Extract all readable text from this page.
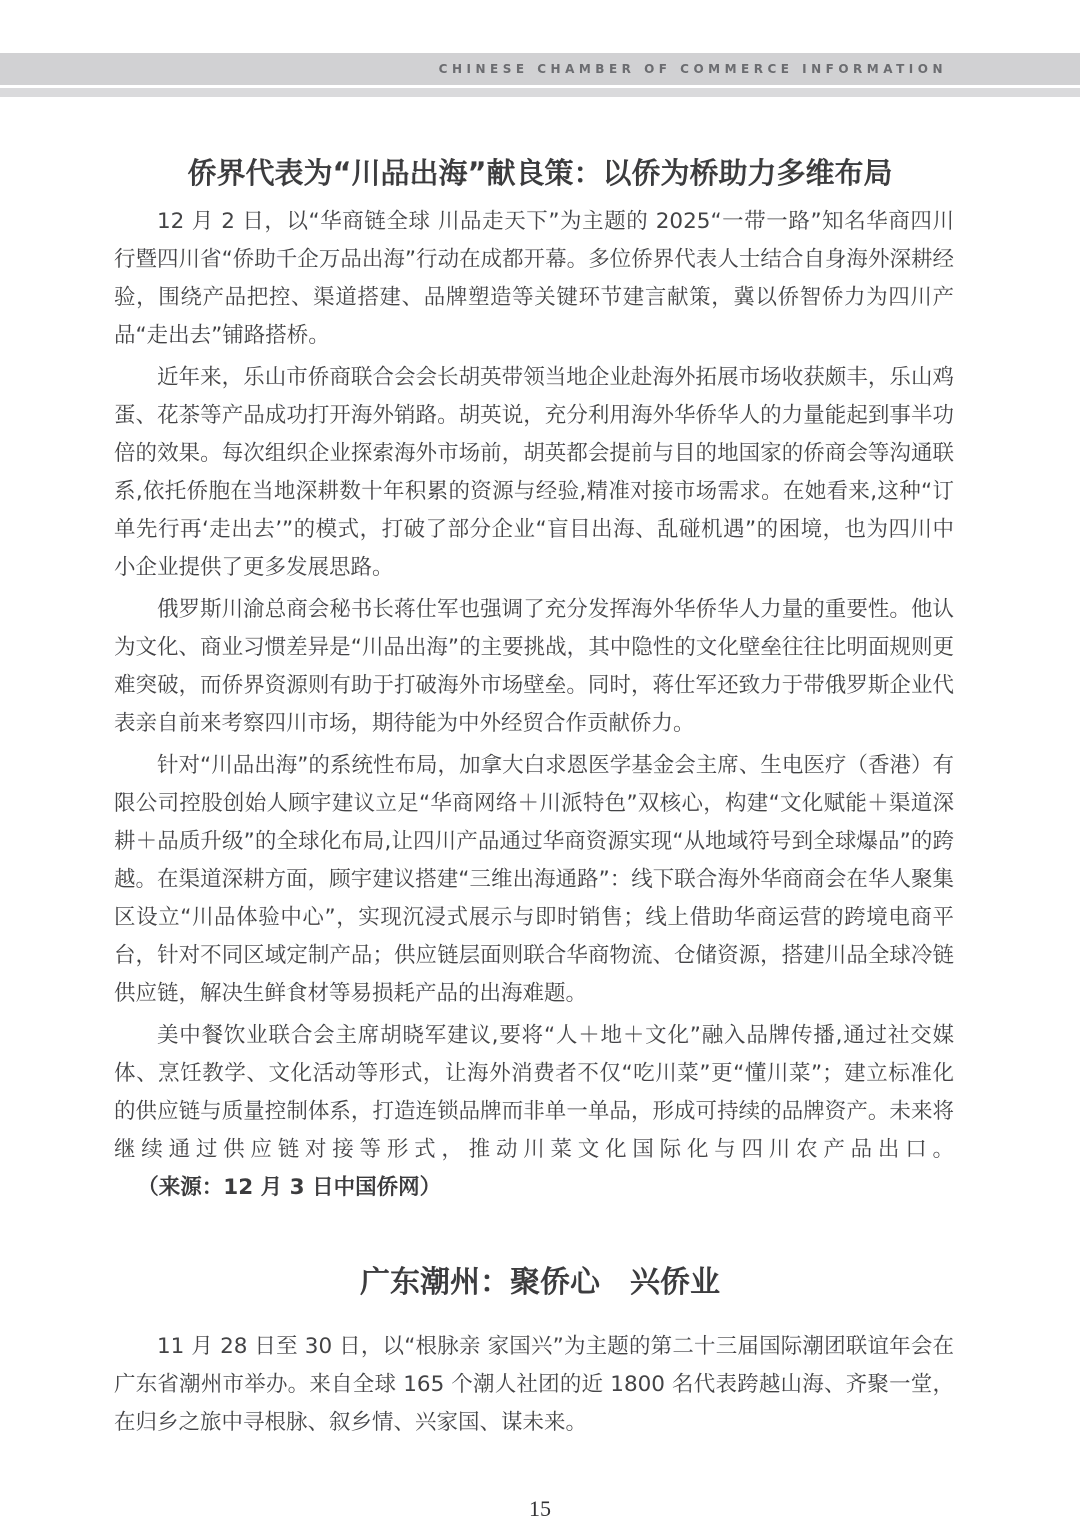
CHINESE CHAMBER OF COMMERCE INFORMATION
侨界代表为“川品出海”献良策：以侨为桥助力多维布局

12 月 2 日，以“华商链全球 川品走天下”为主题的 2025“一带一路”知名华商四川行暨四川省“侨助千企万品出海”行动在成都开幕。多位侨界代表人士结合自身海外深耕经验，围绕产品把控、渠道搭建、品牌塑造等关键环节建言献策，冀以侨智侨力为四川产品“走出去”铺路搭桥。

近年来，乐山市侨商联合会会长胡英带领当地企业赴海外拓展市场收获颇丰，乐山鸡蛋、花茶等产品成功打开海外销路。胡英说，充分利用海外华侨华人的力量能起到事半功倍的效果。每次组织企业探索海外市场前，胡英都会提前与目的地国家的侨商会等沟通联系,依托侨胞在当地深耕数十年积累的资源与经验,精准对接市场需求。在她看来,这种“订单先行再‘走出去’”的模式，打破了部分企业“盲目出海、乱碰机遇”的困境，也为四川中小企业提供了更多发展思路。

俄罗斯川渝总商会秘书长蒋仕军也强调了充分发挥海外华侨华人力量的重要性。他认为文化、商业习惯差异是“川品出海”的主要挑战，其中隐性的文化壁垒往往比明面规则更难突破，而侨界资源则有助于打破海外市场壁垒。同时，蒋仕军还致力于带俄罗斯企业代表亲自前来考察四川市场，期待能为中外经贸合作贡献侨力。

针对“川品出海”的系统性布局，加拿大白求恩医学基金会主席、生电医疗（香港）有限公司控股创始人顾宇建议立足“华商网络＋川派特色”双核心，构建“文化赋能＋渠道深耕＋品质升级”的全球化布局,让四川产品通过华商资源实现“从地域符号到全球爆品”的跨越。在渠道深耕方面，顾宇建议搭建“三维出海通路”：线下联合海外华商商会在华人聚集区设立“川品体验中心”，实现沉浸式展示与即时销售；线上借助华商运营的跨境电商平台，针对不同区域定制产品；供应链层面则联合华商物流、仓储资源，搭建川品全球冷链供应链，解决生鲜食材等易损耗产品的出海难题。

美中餐饮业联合会主席胡晓军建议,要将“人＋地＋文化”融入品牌传播,通过社交媒体、烹饪教学、文化活动等形式，让海外消费者不仅“吃川菜”更“懂川菜”；建立标准化的供应链与质量控制体系，打造连锁品牌而非单一单品，形成可持续的品牌资产。未来将继续通过供应链对接等形式，推动川菜文化国际化与四川农产品出口。（来源：12 月 3 日中国侨网）

广东潮州：聚侨心　兴侨业

11 月 28 日至 30 日，以“根脉亲 家国兴”为主题的第二十三届国际潮团联谊年会在广东省潮州市举办。来自全球 165 个潮人社团的近 1800 名代表跨越山海、齐聚一堂，在归乡之旅中寻根脉、叙乡情、兴家国、谋未来。

15
